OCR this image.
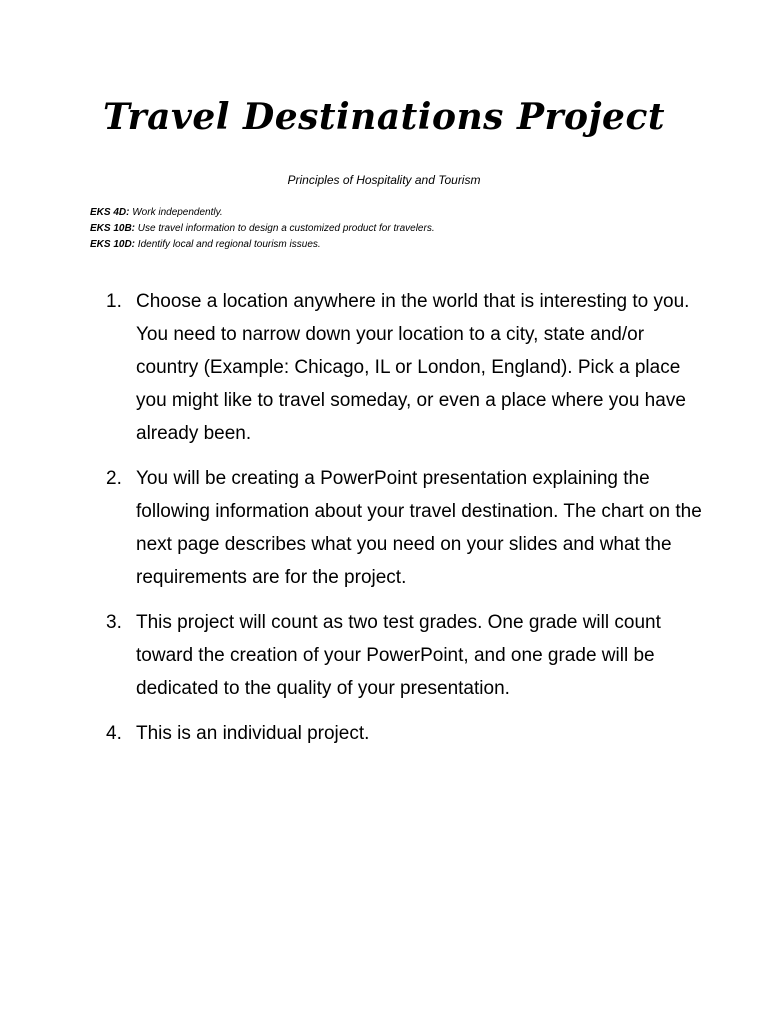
Travel Destinations Project
Principles of Hospitality and Tourism
EKS 4D: Work independently.
EKS 10B: Use travel information to design a customized product for travelers.
EKS 10D: Identify local and regional tourism issues.
1. Choose a location anywhere in the world that is interesting to you. You need to narrow down your location to a city, state and/or country (Example: Chicago, IL or London, England). Pick a place you might like to travel someday, or even a place where you have already been.
2. You will be creating a PowerPoint presentation explaining the following information about your travel destination. The chart on the next page describes what you need on your slides and what the requirements are for the project.
3. This project will count as two test grades. One grade will count toward the creation of your PowerPoint, and one grade will be dedicated to the quality of your presentation.
4. This is an individual project.
